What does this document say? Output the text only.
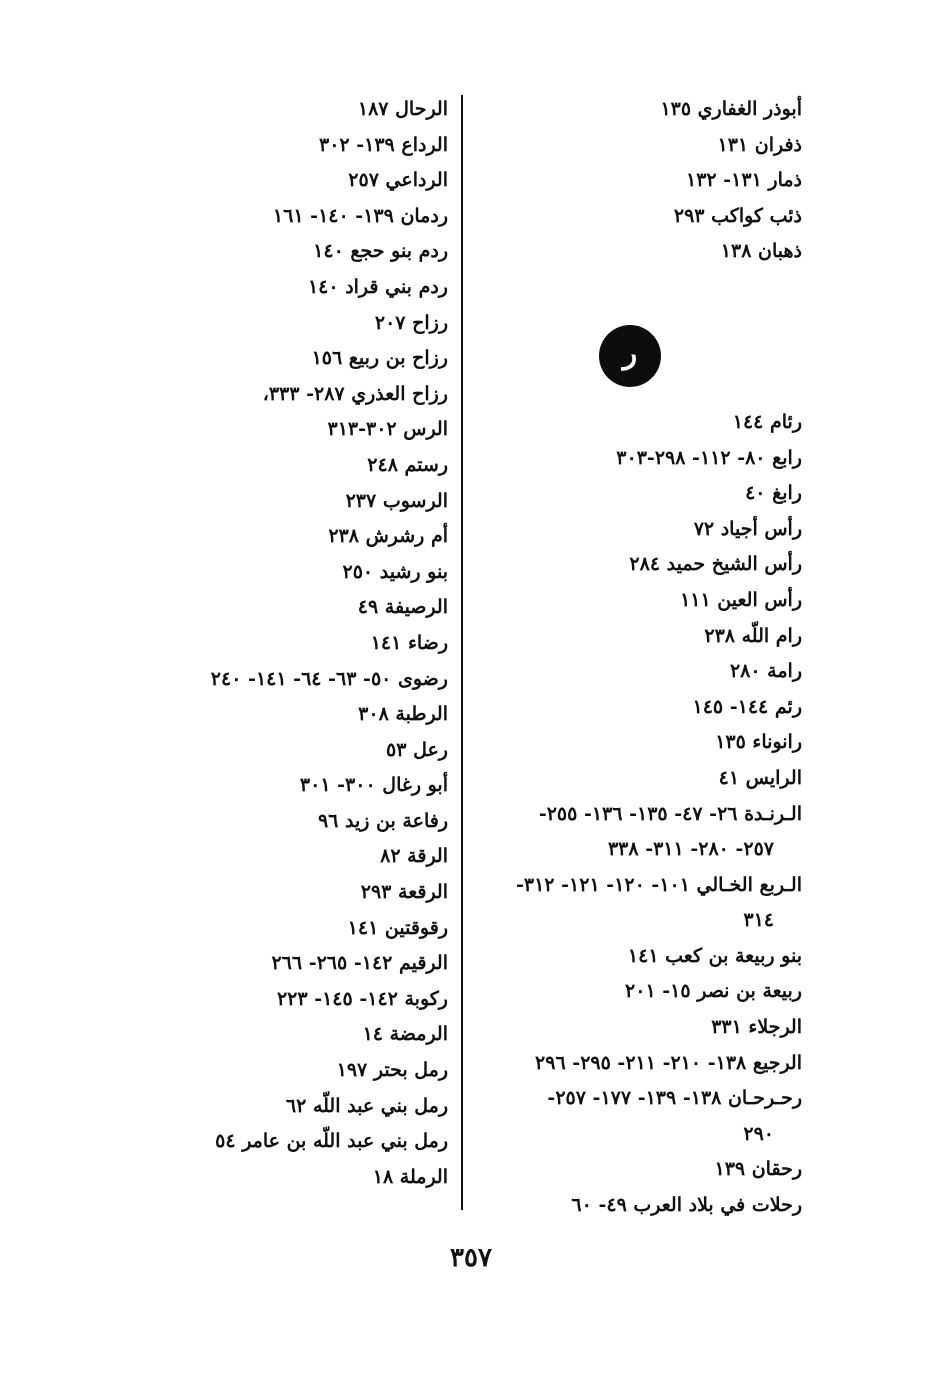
أبوذر الغفاري ١٣٥
ذفران ١٣١
ذمار ١٣١- ١٣٢
ذئب كواكب ٢٩٣
ذهبان ١٣٨
ر
رئام ١٤٤
رابع ٨٠- ١١٢- ٢٩٨-٣٠٣
رابغ ٤٠
رأس أجياد ٧٢
رأس الشيخ حميد ٢٨٤
رأس العين ١١١
رام اللّه ٢٣٨
رامة ٢٨٠
رئم ١٤٤- ١٤٥
رانوناء ١٣٥
الرايس ٤١
الـرنـدة ٢٦- ٤٧- ١٣٥- ١٣٦- ٢٥٥-
٢٥٧- ٢٨٠- ٣١١- ٣٣٨
الـربع الخـالي ١٠١- ١٢٠- ١٢١- ٣١٢-
٣١٤
بنو ربيعة بن كعب ١٤١
ربيعة بن نصر ١٥- ٢٠١
الرجلاء ٣٣١
الرجيع ١٣٨- ٢١٠- ٢١١- ٢٩٥- ٢٩٦
رحـرحـان ١٣٨- ١٣٩- ١٧٧- ٢٥٧-
٢٩٠
رحقان ١٣٩
رحلات في بلاد العرب ٤٩- ٦٠
الرحال ١٨٧
الرداع ١٣٩- ٣٠٢
الرداعي ٢٥٧
ردمان ١٣٩- ١٤٠- ١٦١
ردم بنو حجع ١٤٠
ردم بني قراد ١٤٠
رزاح ٢٠٧
رزاح بن ربيع ١٥٦
رزاح العذري ٢٨٧- ٣٣٣،
الرس ٣٠٢-٣١٣
رستم ٢٤٨
الرسوب ٢٣٧
أم رشرش ٢٣٨
بنو رشيد ٢٥٠
الرصيفة ٤٩
رضاء ١٤١
رضوى ٥٠- ٦٣- ٦٤- ١٤١- ٢٤٠
الرطبة ٣٠٨
رعل ٥٣
أبو رغال ٣٠٠- ٣٠١
رفاعة بن زيد ٩٦
الرقة ٨٢
الرقعة ٢٩٣
رقوقتين ١٤١
الرقيم ١٤٢- ٢٦٥- ٢٦٦
ركوبة ١٤٢- ١٤٥- ٢٢٣
الرمضة ١٤
رمل بحتر ١٩٧
رمل بني عبد اللّه ٦٢
رمل بني عبد اللّه بن عامر ٥٤
الرملة ١٨
٣٥٧
